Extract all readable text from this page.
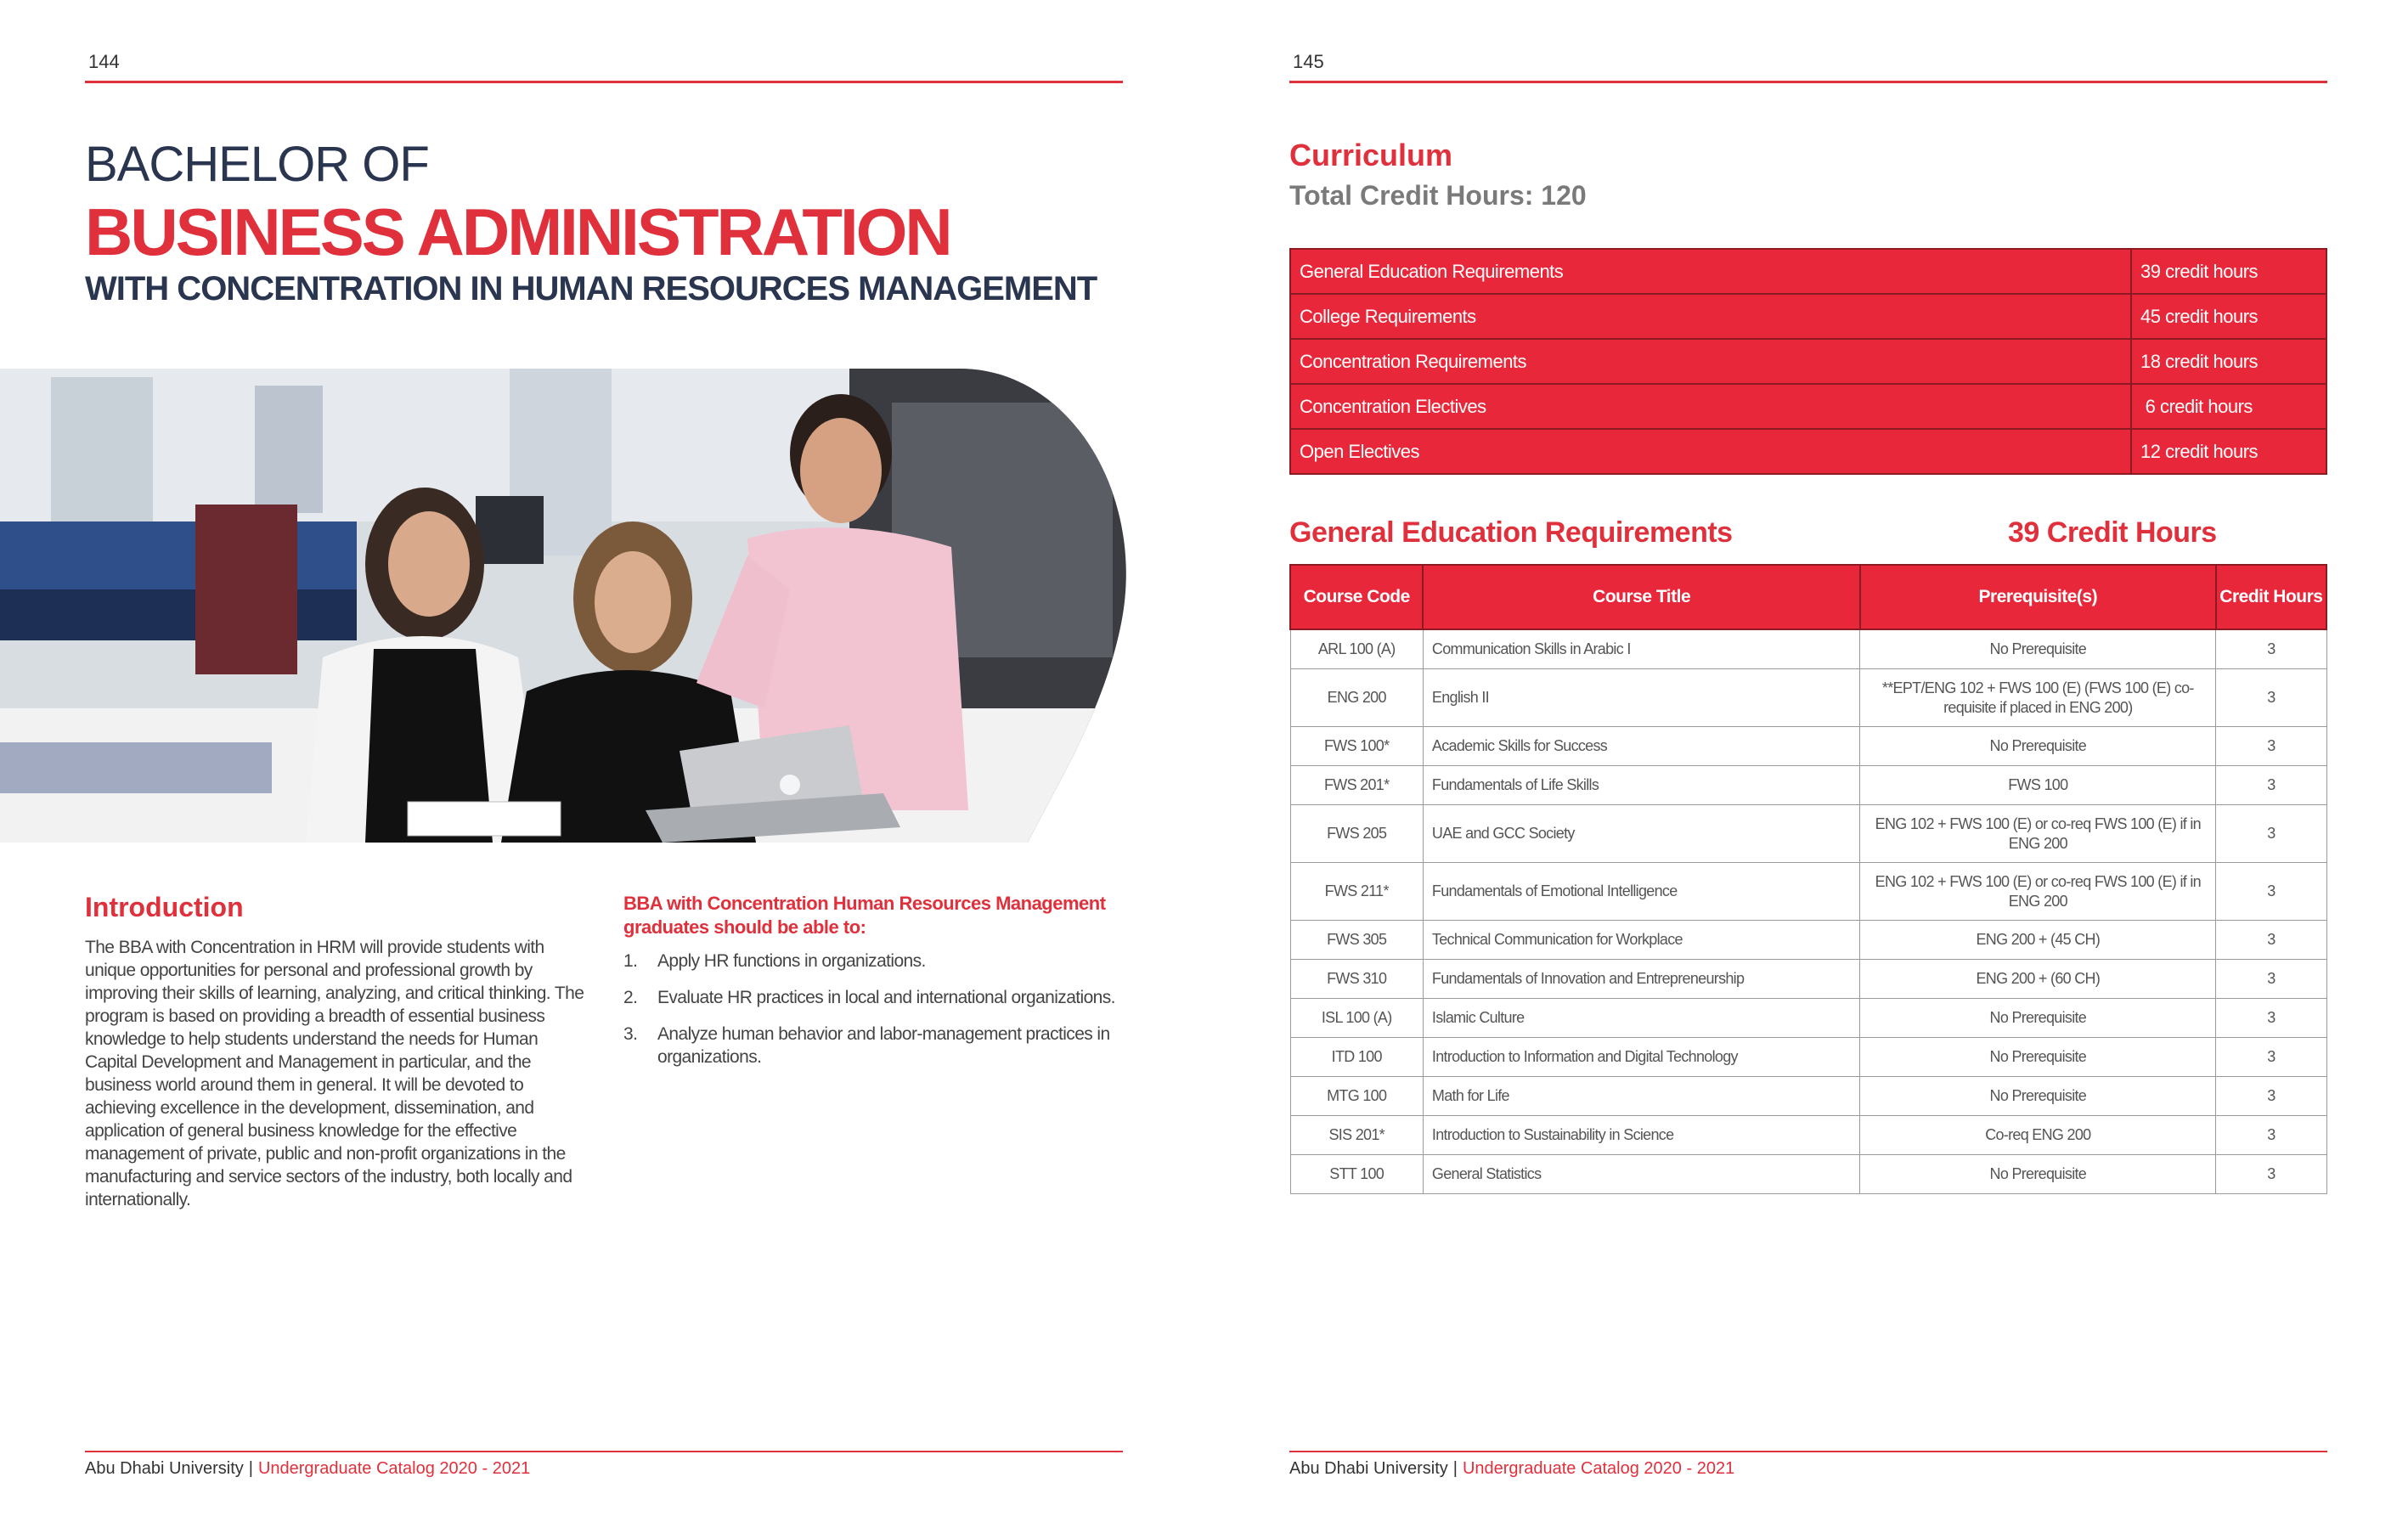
144
BACHELOR OF
BUSINESS ADMINISTRATION
WITH CONCENTRATION IN HUMAN RESOURCES MANAGEMENT
Introduction
The BBA with Concentration in HRM will provide students with unique opportunities for personal and professional growth by improving their skills of learning, analyzing, and critical thinking. The program is based on providing a breadth of essential business knowledge to help students understand the needs for Human Capital Development and Management in particular, and the business world around them in general. It will be devoted to achieving excellence in the development, dissemination, and application of general business knowledge for the effective management of private, public and non-profit organizations in the manufacturing and service sectors of the industry, both locally and internationally.
BBA with Concentration Human Resources Management graduates should be able to:
1. Apply HR functions in organizations.
2. Evaluate HR practices in local and international organizations.
3. Analyze human behavior and labor-management practices in organizations.
Abu Dhabi University | Undergraduate Catalog 2020 - 2021
145
Curriculum
Total Credit Hours: 120
General Education Requirements	39 credit hours
College Requirements	45 credit hours
Concentration Requirements	18 credit hours
Concentration Electives	6 credit hours
Open Electives	12 credit hours
General Education Requirements	39 Credit Hours
Course Code	Course Title	Prerequisite(s)	Credit Hours
ARL 100 (A)	Communication Skills in Arabic I	No Prerequisite	3
ENG 200	English II	**EPT/ENG 102 + FWS 100 (E) (FWS 100 (E) co-requisite if placed in ENG 200)	3
FWS 100*	Academic Skills for Success	No Prerequisite	3
FWS 201*	Fundamentals of Life Skills	FWS 100	3
FWS 205	UAE and GCC Society	ENG 102 + FWS 100 (E) or co-req FWS 100 (E) if in ENG 200	3
FWS 211*	Fundamentals of Emotional Intelligence	ENG 102 + FWS 100 (E) or co-req FWS 100 (E) if in ENG 200	3
FWS 305	Technical Communication for Workplace	ENG 200 + (45 CH)	3
FWS 310	Fundamentals of Innovation and Entrepreneurship	ENG 200 + (60 CH)	3
ISL 100 (A)	Islamic Culture	No Prerequisite	3
ITD 100	Introduction to Information and Digital Technology	No Prerequisite	3
MTG 100	Math for Life	No Prerequisite	3
SIS 201*	Introduction to Sustainability in Science	Co-req ENG 200	3
STT 100	General Statistics	No Prerequisite	3
Abu Dhabi University | Undergraduate Catalog 2020 - 2021
